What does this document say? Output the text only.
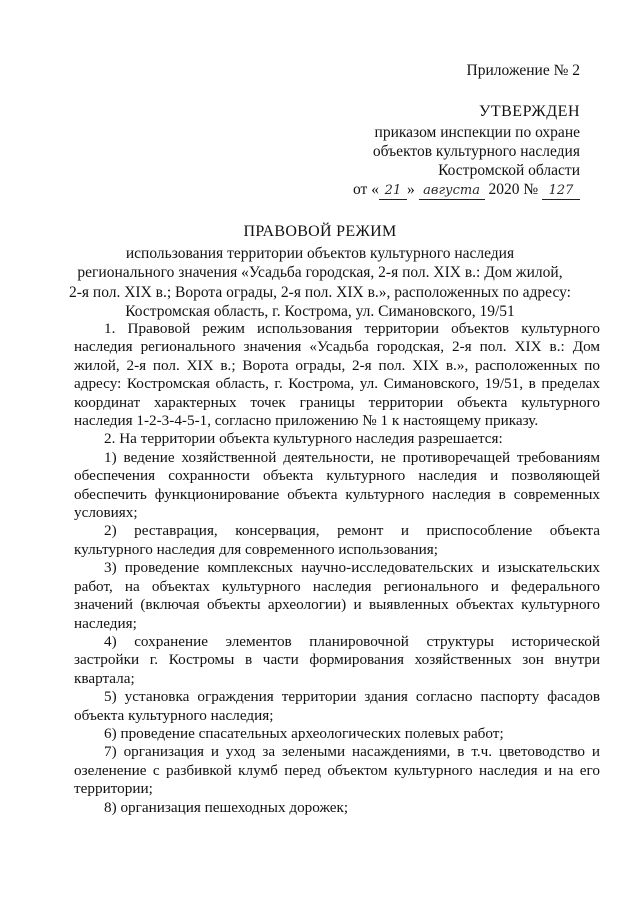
Приложение № 2
УТВЕРЖДЕН
приказом инспекции по охране
объектов культурного наследия
Костромской области
от « 21 » августа 2020 № 127
ПРАВОВОЙ РЕЖИМ
использования территории объектов культурного наследия
регионального значения «Усадьба городская, 2-я пол. XIX в.: Дом жилой,
2-я пол. XIX в.; Ворота ограды, 2-я пол. XIX в.», расположенных по адресу:
Костромская область, г. Кострома, ул. Симановского, 19/51

1. Правовой режим использования территории объектов культурного наследия регионального значения «Усадьба городская, 2-я пол. XIX в.: Дом жилой, 2-я пол. XIX в.; Ворота ограды, 2-я пол. XIX в.», расположенных по адресу: Костромская область, г. Кострома, ул. Симановского, 19/51, в пределах координат характерных точек границы территории объекта культурного наследия 1-2-3-4-5-1, согласно приложению № 1 к настоящему приказу.

2. На территории объекта культурного наследия разрешается:

1) ведение хозяйственной деятельности, не противоречащей требованиям обеспечения сохранности объекта культурного наследия и позволяющей обеспечить функционирование объекта культурного наследия в современных условиях;

2) реставрация, консервация, ремонт и приспособление объекта культурного наследия для современного использования;

3) проведение комплексных научно-исследовательских и изыскательских работ, на объектах культурного наследия регионального и федерального значений (включая объекты археологии) и выявленных объектах культурного наследия;

4) сохранение элементов планировочной структуры исторической застройки г. Костромы в части формирования хозяйственных зон внутри квартала;

5) установка ограждения территории здания согласно паспорту фасадов объекта культурного наследия;

6) проведение спасательных археологических полевых работ;

7) организация и уход за зелеными насаждениями, в т.ч. цветоводство и озеленение с разбивкой клумб перед объектом культурного наследия и на его территории;

8) организация пешеходных дорожек;
